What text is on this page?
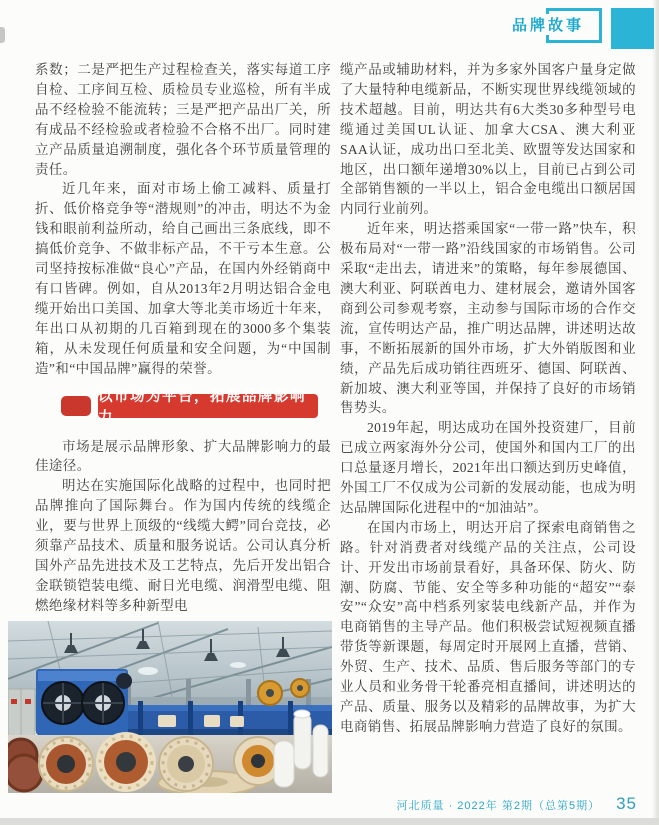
品牌故事

系数；二是严把生产过程检查关，落实每道工序自检、工序间互检、质检员专业巡检，所有半成品不经检验不能流转；三是严把产品出厂关，所有成品不经检验或者检验不合格不出厂。同时建立产品质量追溯制度，强化各个环节质量管理的责任。

近几年来，面对市场上偷工减料、质量打折、低价格竞争等“潜规则”的冲击，明达不为金钱和眼前利益所动，给自己画出三条底线，即不搞低价竞争、不做非标产品，不干亏本生意。公司坚持按标准做“良心”产品，在国内外经销商中有口皆碑。例如，自从2013年2月明达铝合金电缆开始出口美国、加拿大等北美市场近十年来，年出口从初期的几百箱到现在的3000多个集装箱，从未发现任何质量和安全问题，为“中国制造”和“中国品牌”赢得的荣誉。

以市场为平台，拓展品牌影响力

市场是展示品牌形象、扩大品牌影响力的最佳途径。

明达在实施国际化战略的过程中，也同时把品牌推向了国际舞台。作为国内传统的线缆企业，要与世界上顶级的“线缆大鳄”同台竞技，必须靠产品技术、质量和服务说话。公司认真分析国外产品先进技术及工艺特点，先后开发出铝合金联锁铠装电缆、耐日光电缆、润滑型电缆、阻燃绝缘材料等多种新型电

缆产品或辅助材料，并为多家外国客户量身定做了大量特种电缆新品，不断实现世界线缆领域的技术超越。目前，明达共有6大类30多种型号电缆通过美国UL认证、加拿大CSA、澳大利亚SAA认证，成功出口至北美、欧盟等发达国家和地区，出口额年递增30%以上，目前已占到公司全部销售额的一半以上，铝合金电缆出口额居国内同行业前列。

近年来，明达搭乘国家“一带一路”快车，积极布局对“一带一路”沿线国家的市场销售。公司采取“走出去，请进来”的策略，每年参展德国、澳大利亚、阿联酋电力、建材展会，邀请外国客商到公司参观考察，主动参与国际市场的合作交流，宣传明达产品，推广明达品牌，讲述明达故事，不断拓展新的国外市场，扩大外销版图和业绩，产品先后成功销往西班牙、德国、阿联酋、新加坡、澳大利亚等国，并保持了良好的市场销售势头。

2019年起，明达成功在国外投资建厂，目前已成立两家海外分公司，使国外和国内工厂的出口总量逐月增长，2021年出口额达到历史峰值，外国工厂不仅成为公司新的发展动能，也成为明达品牌国际化进程中的“加油站”。

在国内市场上，明达开启了探索电商销售之路。针对消费者对线缆产品的关注点，公司设计、开发出市场前景看好，具备环保、防火、防潮、防腐、节能、安全等多种功能的“超安”“泰安”“众安”高中档系列家装电线新产品，并作为电商销售的主导产品。他们积极尝试短视频直播带货等新课题，每周定时开展网上直播，营销、外贸、生产、技术、品质、售后服务等部门的专业人员和业务骨干轮番亮相直播间，讲述明达的产品、质量、服务以及精彩的品牌故事，为扩大电商销售、拓展品牌影响力营造了良好的氛围。

河北质量 · 2022年 第2期（总第5期） 35
